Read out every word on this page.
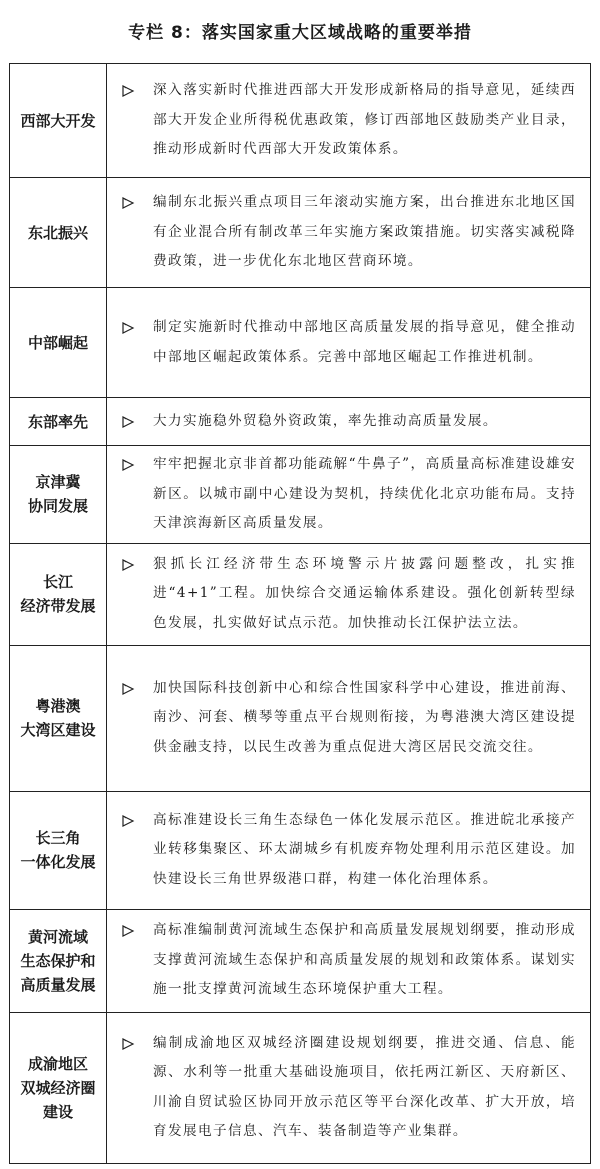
专栏 8：落实国家重大区域战略的重要举措
西部大开发	深入落实新时代推进西部大开发形成新格局的指导意见，延续西部大开发企业所得税优惠政策，修订西部地区鼓励类产业目录，推动形成新时代西部大开发政策体系。

东北振兴	编制东北振兴重点项目三年滚动实施方案，出台推进东北地区国有企业混合所有制改革三年实施方案政策措施。切实落实减税降费政策，进一步优化东北地区营商环境。

中部崛起	制定实施新时代推动中部地区高质量发展的指导意见，健全推动中部地区崛起政策体系。完善中部地区崛起工作推进机制。

东部率先	大力实施稳外贸稳外资政策，率先推动高质量发展。

京津冀
协同发展	牢牢把握北京非首都功能疏解“牛鼻子”，高质量高标准建设雄安新区。以城市副中心建设为契机，持续优化北京功能布局。支持天津滨海新区高质量发展。

长江
经济带发展	狠抓长江经济带生态环境警示片披露问题整改，扎实推进“4+1”工程。加快综合交通运输体系建设。强化创新转型绿色发展，扎实做好试点示范。加快推动长江保护法立法。

粤港澳
大湾区建设	加快国际科技创新中心和综合性国家科学中心建设，推进前海、南沙、河套、横琴等重点平台规则衔接，为粤港澳大湾区建设提供金融支持，以民生改善为重点促进大湾区居民交流交往。

长三角
一体化发展	高标准建设长三角生态绿色一体化发展示范区。推进皖北承接产业转移集聚区、环太湖城乡有机废弃物处理利用示范区建设。加快建设长三角世界级港口群，构建一体化治理体系。

黄河流域
生态保护和
高质量发展	高标准编制黄河流域生态保护和高质量发展规划纲要，推动形成支撑黄河流域生态保护和高质量发展的规划和政策体系。谋划实施一批支撑黄河流域生态环境保护重大工程。

成渝地区
双城经济圈
建设	编制成渝地区双城经济圈建设规划纲要，推进交通、信息、能源、水利等一批重大基础设施项目，依托两江新区、天府新区、川渝自贸试验区协同开放示范区等平台深化改革、扩大开放，培育发展电子信息、汽车、装备制造等产业集群。
